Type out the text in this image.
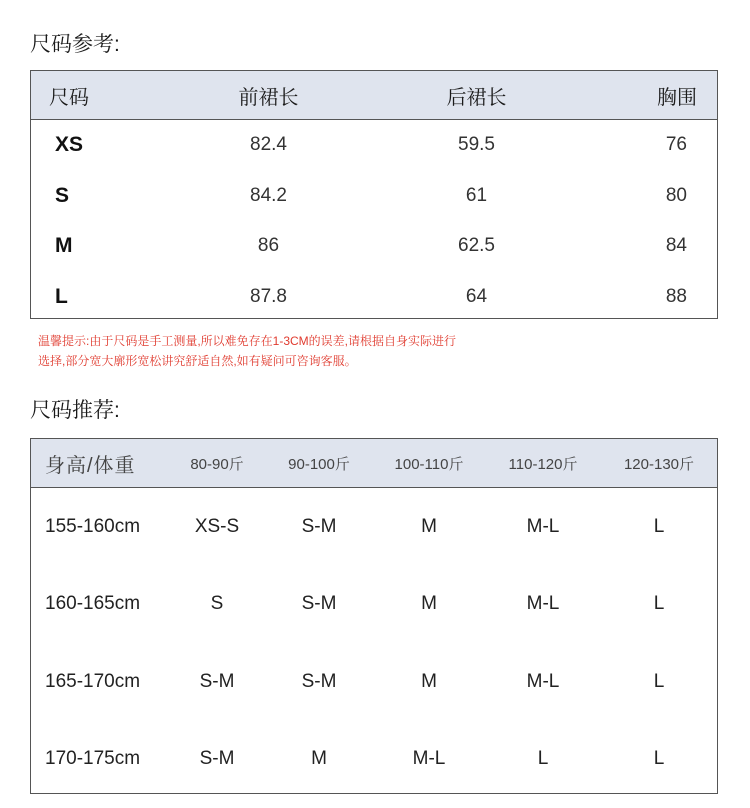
尺码参考:
尺码	前裙长	后裙长	胸围
XS	82.4	59.5	76
S	84.2	61	80
M	86	62.5	84
L	87.8	64	88
温馨提示:由于尺码是手工测量,所以难免存在1-3CM的误差,请根据自身实际进行
选择,部分宽大廓形宽松讲究舒适自然,如有疑问可咨询客服。
尺码推荐:
身高/体重	80-90斤	90-100斤	100-110斤	110-120斤	120-130斤
155-160cm	XS-S	S-M	M	M-L	L
160-165cm	S	S-M	M	M-L	L
165-170cm	S-M	S-M	M	M-L	L
170-175cm	S-M	M	M-L	L	L
